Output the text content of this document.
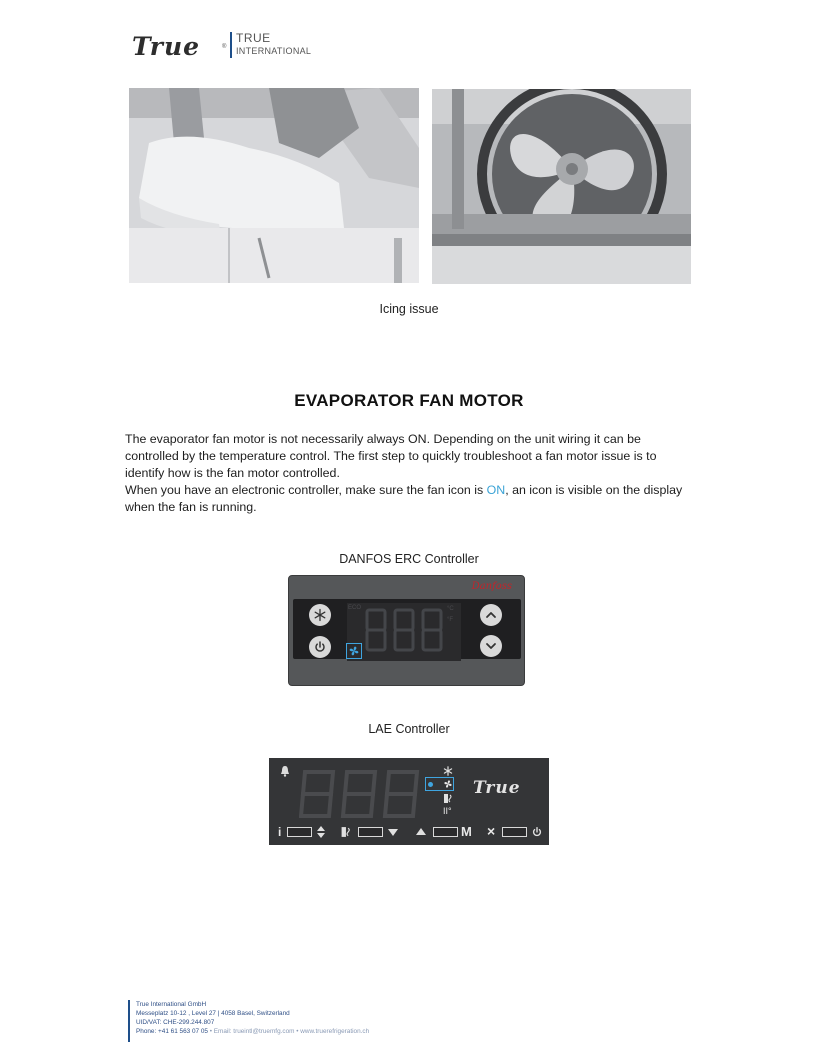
True	®
TRUE
INTERNATIONAL
Icing issue
EVAPORATOR FAN MOTOR

The evaporator fan motor is not necessarily always ON. Depending on the unit wiring it can be controlled by the temperature control. The first step to quickly troubleshoot a fan motor issue is to identify how is the fan motor controlled.

When you have an electronic controller, make sure the fan icon is ON, an icon is visible on the display when the fan is running.

DANFOS ERC Controller
Danfoss
ECO	°C
°F
LAE Controller
II°
True
i	M ×
True International GmbH
Messeplatz 10-12 , Level 27 | 4058 Basel, Switzerland
UID/VAT: CHE-299.244.807
Phone: +41 61 563 07 05 • Email: trueintl@truemfg.com • www.truerefrigeration.ch
